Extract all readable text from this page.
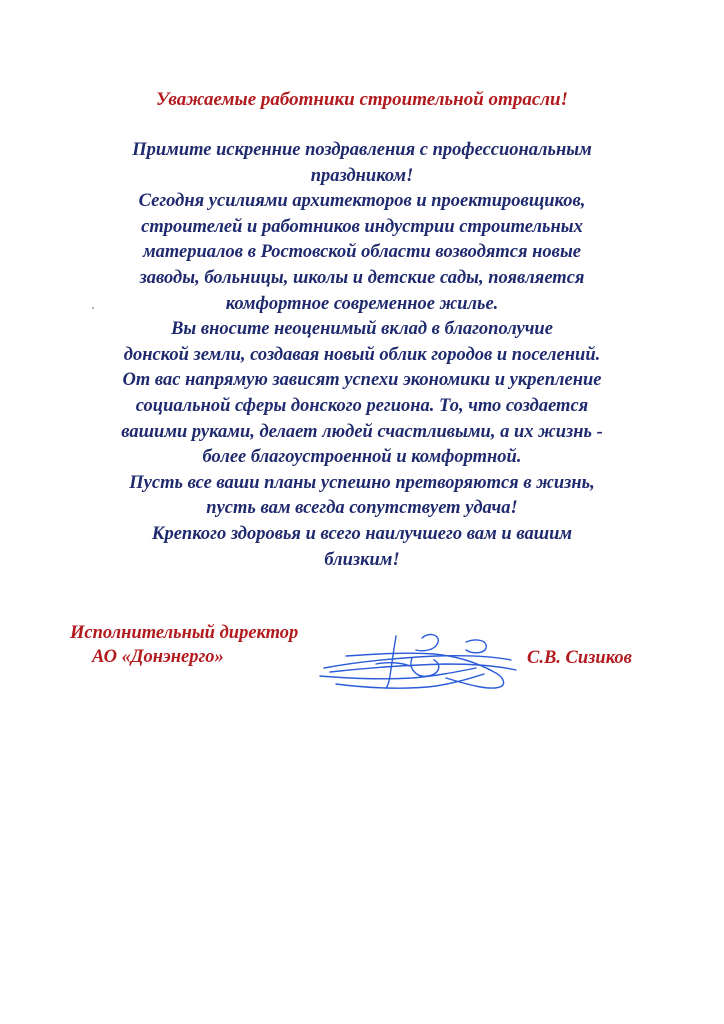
Уважаемые работники строительной отрасли!
Примите искренние поздравления с профессиональным
праздником!
Сегодня усилиями архитекторов и проектировщиков,
строителей и работников индустрии строительных
материалов в Ростовской области возводятся новые
заводы, больницы, школы и детские сады, появляется
комфортное современное жилье.
Вы вносите неоценимый вклад в благополучие
донской земли, создавая новый облик городов и поселений.
От вас напрямую зависят успехи экономики и укрепление
социальной сферы донского региона. То, что создается
вашими руками, делает людей счастливыми, а их жизнь -
более благоустроенной и комфортной.
Пусть все ваши планы успешно претворяются в жизнь,
пусть вам всегда сопутствует удача!
Крепкого здоровья и всего наилучшего вам и вашим
близким!
Исполнительный директор
АО «Донэнерго»	С.В. Сизиков
